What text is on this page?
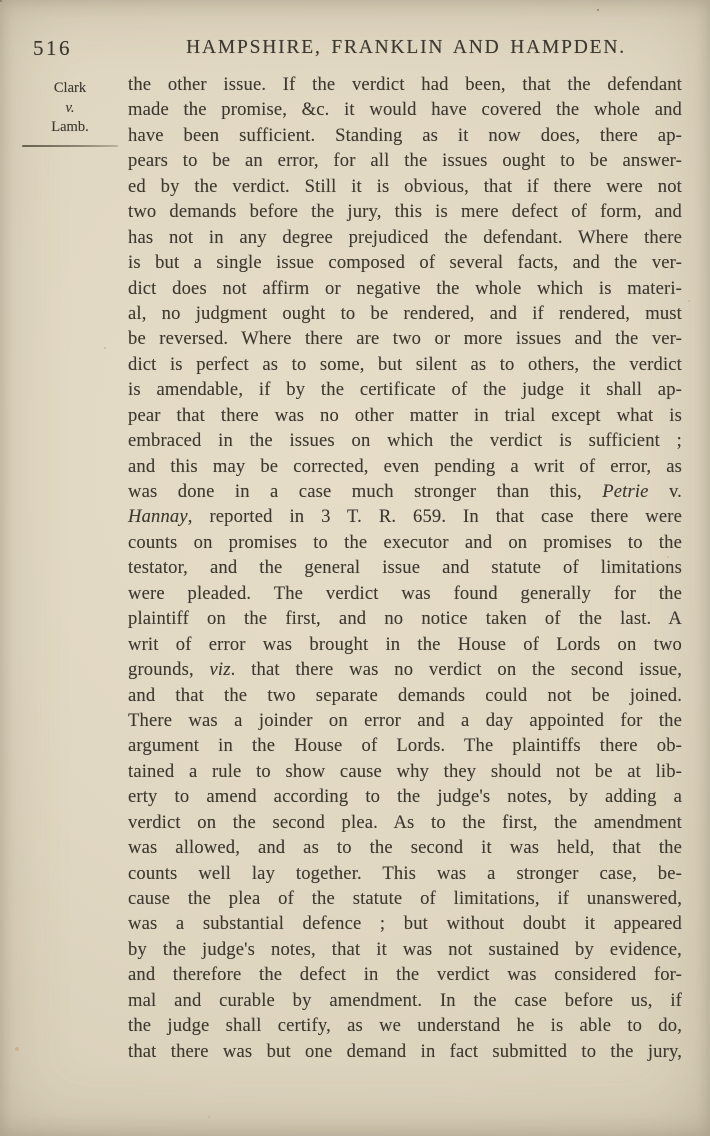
516	HAMPSHIRE, FRANKLIN AND HAMPDEN.
Clark
v.
Lamb.
the other issue. If the verdict had been, that the defendant
made the promise, &c. it would have covered the whole and
have been sufficient. Standing as it now does, there ap-
pears to be an error, for all the issues ought to be answer-
ed by the verdict. Still it is obvious, that if there were not
two demands before the jury, this is mere defect of form, and
has not in any degree prejudiced the defendant. Where there
is but a single issue composed of several facts, and the ver-
dict does not affirm or negative the whole which is materi-
al, no judgment ought to be rendered, and if rendered, must
be reversed. Where there are two or more issues and the ver-
dict is perfect as to some, but silent as to others, the verdict
is amendable, if by the certificate of the judge it shall ap-
pear that there was no other matter in trial except what is
embraced in the issues on which the verdict is sufficient ;
and this may be corrected, even pending a writ of error, as
was done in a case much stronger than this, Petrie v.
Hannay, reported in 3 T. R. 659. In that case there were
counts on promises to the executor and on promises to the
testator, and the general issue and statute of limitations
were pleaded. The verdict was found generally for the
plaintiff on the first, and no notice taken of the last. A
writ of error was brought in the House of Lords on two
grounds, viz. that there was no verdict on the second issue,
and that the two separate demands could not be joined.
There was a joinder on error and a day appointed for the
argument in the House of Lords. The plaintiffs there ob-
tained a rule to show cause why they should not be at lib-
erty to amend according to the judge's notes, by adding a
verdict on the second plea. As to the first, the amendment
was allowed, and as to the second it was held, that the
counts well lay together. This was a stronger case, be-
cause the plea of the statute of limitations, if unanswered,
was a substantial defence ; but without doubt it appeared
by the judge's notes, that it was not sustained by evidence,
and therefore the defect in the verdict was considered for-
mal and curable by amendment. In the case before us, if
the judge shall certify, as we understand he is able to do,
that there was but one demand in fact submitted to the jury,
